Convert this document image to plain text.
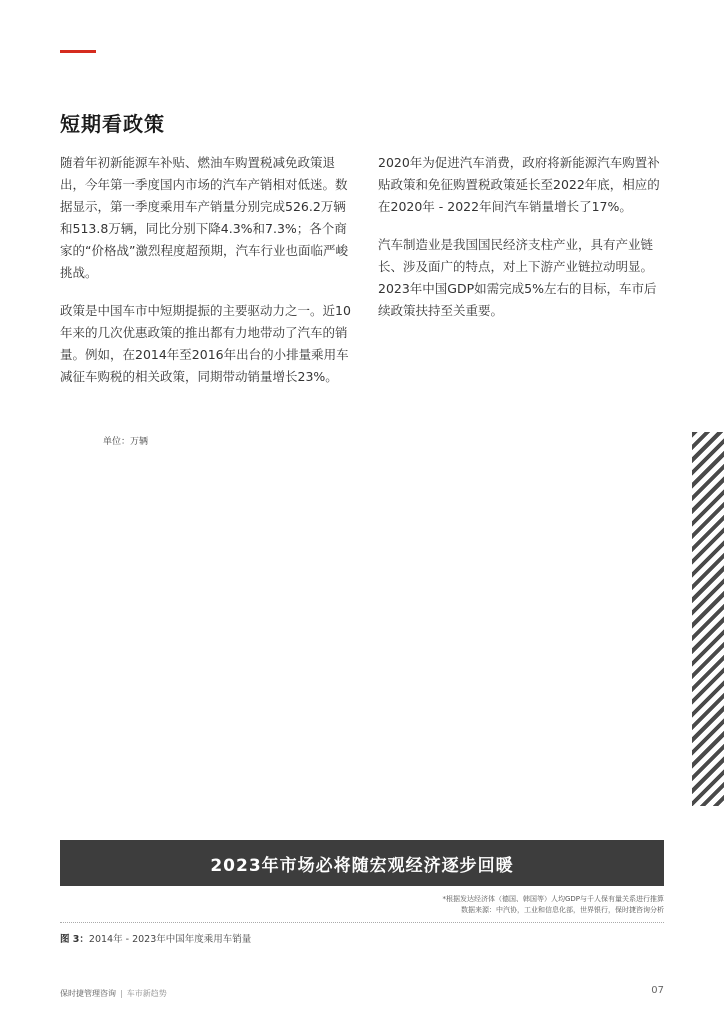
短期看政策

随着年初新能源车补贴、燃油车购置税减免政策退出，今年第一季度国内市场的汽车产销相对低迷。数据显示，第一季度乘用车产销量分别完成526.2万辆和513.8万辆，同比分别下降4.3%和7.3%；各个商家的“价格战”激烈程度超预期，汽车行业也面临严峻挑战。

政策是中国车市中短期提振的主要驱动力之一。近10年来的几次优惠政策的推出都有力地带动了汽车的销量。例如，在2014年至2016年出台的小排量乘用车减征车购税的相关政策，同期带动销量增长23%。

2020年为促进汽车消费，政府将新能源汽车购置补贴政策和免征购置税政策延长至2022年底，相应的在2020年 - 2022年间汽车销量增长了17%。

汽车制造业是我国国民经济支柱产业，具有产业链长、涉及面广的特点，对上下游产业链拉动明显。2023年中国GDP如需完成5%左右的目标，车市后续政策扶持至关重要。

单位：万辆
2023年市场必将随宏观经济逐步回暖
*根据发达经济体（德国、韩国等）人均GDP与千人保有量关系进行推算
数据来源：中汽协，工业和信息化部，世界银行，保时捷咨询分析
图 3：2014年 - 2023年中国年度乘用车销量
保时捷管理咨询 | 车市新趋势	07
